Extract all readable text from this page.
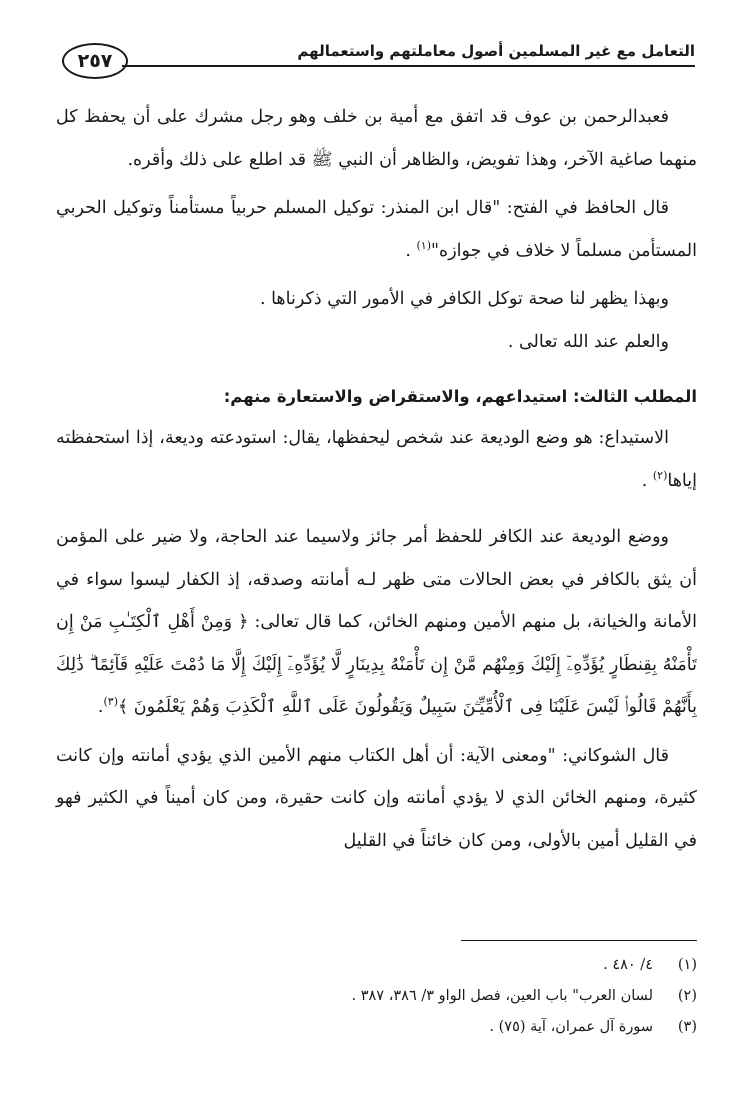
التعامل مع غير المسلمين أصول معاملتهم واستعمالهم
٢٥٧

فعبدالرحمن بن عوف قد اتفق مع أمية بن خلف وهو رجل مشرك على أن يحفظ كل منهما صاغية الآخر، وهذا تفويض، والظاهر أن النبي ﷺ قد اطلع على ذلك وأقره.

قال الحافظ في الفتح: "قال ابن المنذر: توكيل المسلم حربياً مستأمناً وتوكيل الحربي المستأمن مسلماً لا خلاف في جوازه"$^{(١)}$ .

وبهذا يظهر لنا صحة توكل الكافر في الأمور التي ذكرناها .

والعلم عند الله تعالى .

المطلب الثالث: استيداعهم، والاستقراض والاستعارة منهم:

الاستيداع: هو وضع الوديعة عند شخص ليحفظها، يقال: استودعته وديعة، إذا استحفظته إياها$^{(٢)}$ .

ووضع الوديعة عند الكافر للحفظ أمر جائز ولاسيما عند الحاجة، ولا ضير على المؤمن أن يثق بالكافر في بعض الحالات متى ظهر لـه أمانته وصدقه، إذ الكفار ليسوا سواء في الأمانة والخيانة، بل منهم الأمين ومنهم الخائن، كما قال تعالى: ﴿ وَمِنْ أَهْلِ ٱلْكِتَـٰبِ مَنْ إِن تَأْمَنْهُ بِقِنطَارٍ يُؤَدِّهِۦٓ إِلَيْكَ وَمِنْهُم مَّنْ إِن تَأْمَنْهُ بِدِينَارٍ لَّا يُؤَدِّهِۦٓ إِلَيْكَ إِلَّا مَا دُمْتَ عَلَيْهِ قَآئِمًا ۗ ذَٰلِكَ بِأَنَّهُمْ قَالُوا۟ لَيْسَ عَلَيْنَا فِى ٱلْأُمِّيِّـۧنَ سَبِيلٌ وَيَقُولُونَ عَلَى ٱللَّهِ ٱلْكَذِبَ وَهُمْ يَعْلَمُونَ ﴾$^{(٣)}$.

قال الشوكاني: "ومعنى الآية: أن أهل الكتاب منهم الأمين الذي يؤدي أمانته وإن كانت كثيرة، ومنهم الخائن الذي لا يؤدي أمانته وإن كانت حقيرة، ومن كان أميناً في الكثير فهو في القليل أمين بالأولى، ومن كان خائناً في القليل

(١)
٤/ ٤٨٠ .
(٢)
لسان العرب" باب العين، فصل الواو ٣/ ٣٨٦، ٣٨٧ .
(٣)
سورة آل عمران، آية (٧٥) .
